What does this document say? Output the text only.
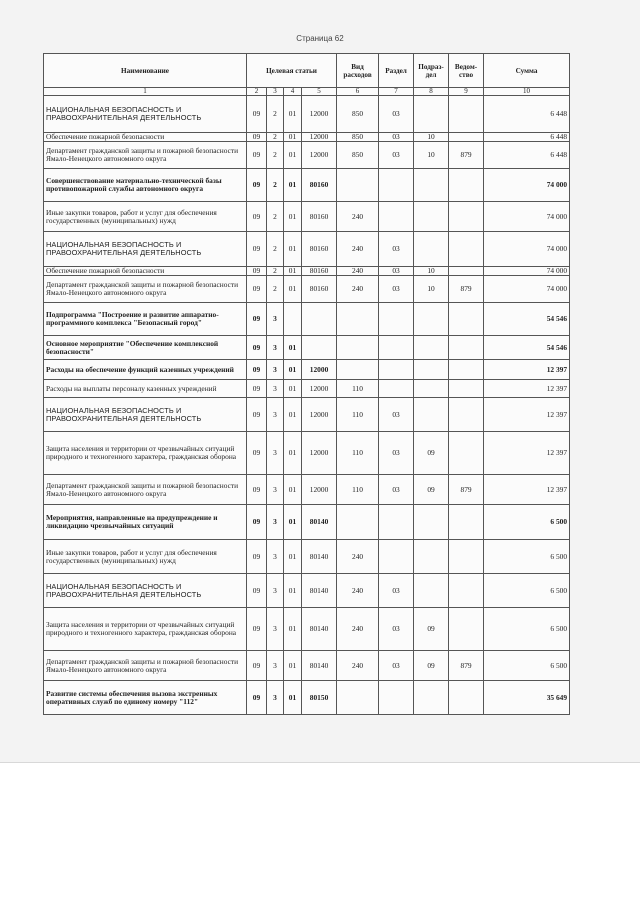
Страница 62
Наименование	Целевая статьи				Вид расходов	Раздел	Подраз-дел	Ведом-ство	Сумма
1	2	3	4	5	6	7	8	9	10
НАЦИОНАЛЬНАЯ БЕЗОПАСНОСТЬ И ПРАВООХРАНИТЕЛЬНАЯ ДЕЯТЕЛЬНОСТЬ	09	2	01	12000	850	03			6 448
Обеспечение пожарной безопасности	09	2	01	12000	850	03	10		6 448
Департамент гражданской защиты и пожарной безопасности Ямало-Ненецкого автономного округа	09	2	01	12000	850	03	10	879	6 448
Совершенствование материально-технической базы противопожарной службы автономного округа	09	2	01	80160					74 000
Иные закупки товаров, работ и услуг для обеспечения государственных (муниципальных) нужд	09	2	01	80160	240				74 000
НАЦИОНАЛЬНАЯ БЕЗОПАСНОСТЬ И ПРАВООХРАНИТЕЛЬНАЯ ДЕЯТЕЛЬНОСТЬ	09	2	01	80160	240	03			74 000
Обеспечение пожарной безопасности	09	2	01	80160	240	03	10		74 000
Департамент гражданской защиты и пожарной безопасности Ямало-Ненецкого автономного округа	09	2	01	80160	240	03	10	879	74 000
Подпрограмма "Построение и развитие аппаратно-программного комплекса "Безопасный город"	09	3							54 546
Основное мероприятие "Обеспечение комплексной безопасности"	09	3	01						54 546
Расходы на обеспечение функций казенных учреждений	09	3	01	12000					12 397
Расходы на выплаты персоналу казенных учреждений	09	3	01	12000	110				12 397
НАЦИОНАЛЬНАЯ БЕЗОПАСНОСТЬ И ПРАВООХРАНИТЕЛЬНАЯ ДЕЯТЕЛЬНОСТЬ	09	3	01	12000	110	03			12 397
Защита населения и территории от чрезвычайных ситуаций природного и техногенного характера, гражданская оборона	09	3	01	12000	110	03	09		12 397
Департамент гражданской защиты и пожарной безопасности Ямало-Ненецкого автономного округа	09	3	01	12000	110	03	09	879	12 397
Мероприятия, направленные на предупреждение и ликвидацию чрезвычайных ситуаций	09	3	01	80140					6 500
Иные закупки товаров, работ и услуг для обеспечения государственных (муниципальных) нужд	09	3	01	80140	240				6 500
НАЦИОНАЛЬНАЯ БЕЗОПАСНОСТЬ И ПРАВООХРАНИТЕЛЬНАЯ ДЕЯТЕЛЬНОСТЬ	09	3	01	80140	240	03			6 500
Защита населения и территории от чрезвычайных ситуаций природного и техногенного характера, гражданская оборона	09	3	01	80140	240	03	09		6 500
Департамент гражданской защиты и пожарной безопасности Ямало-Ненецкого автономного округа	09	3	01	80140	240	03	09	879	6 500
Развитие системы обеспечения вызова экстренных оперативных служб по единому номеру "112"	09	3	01	80150					35 649
